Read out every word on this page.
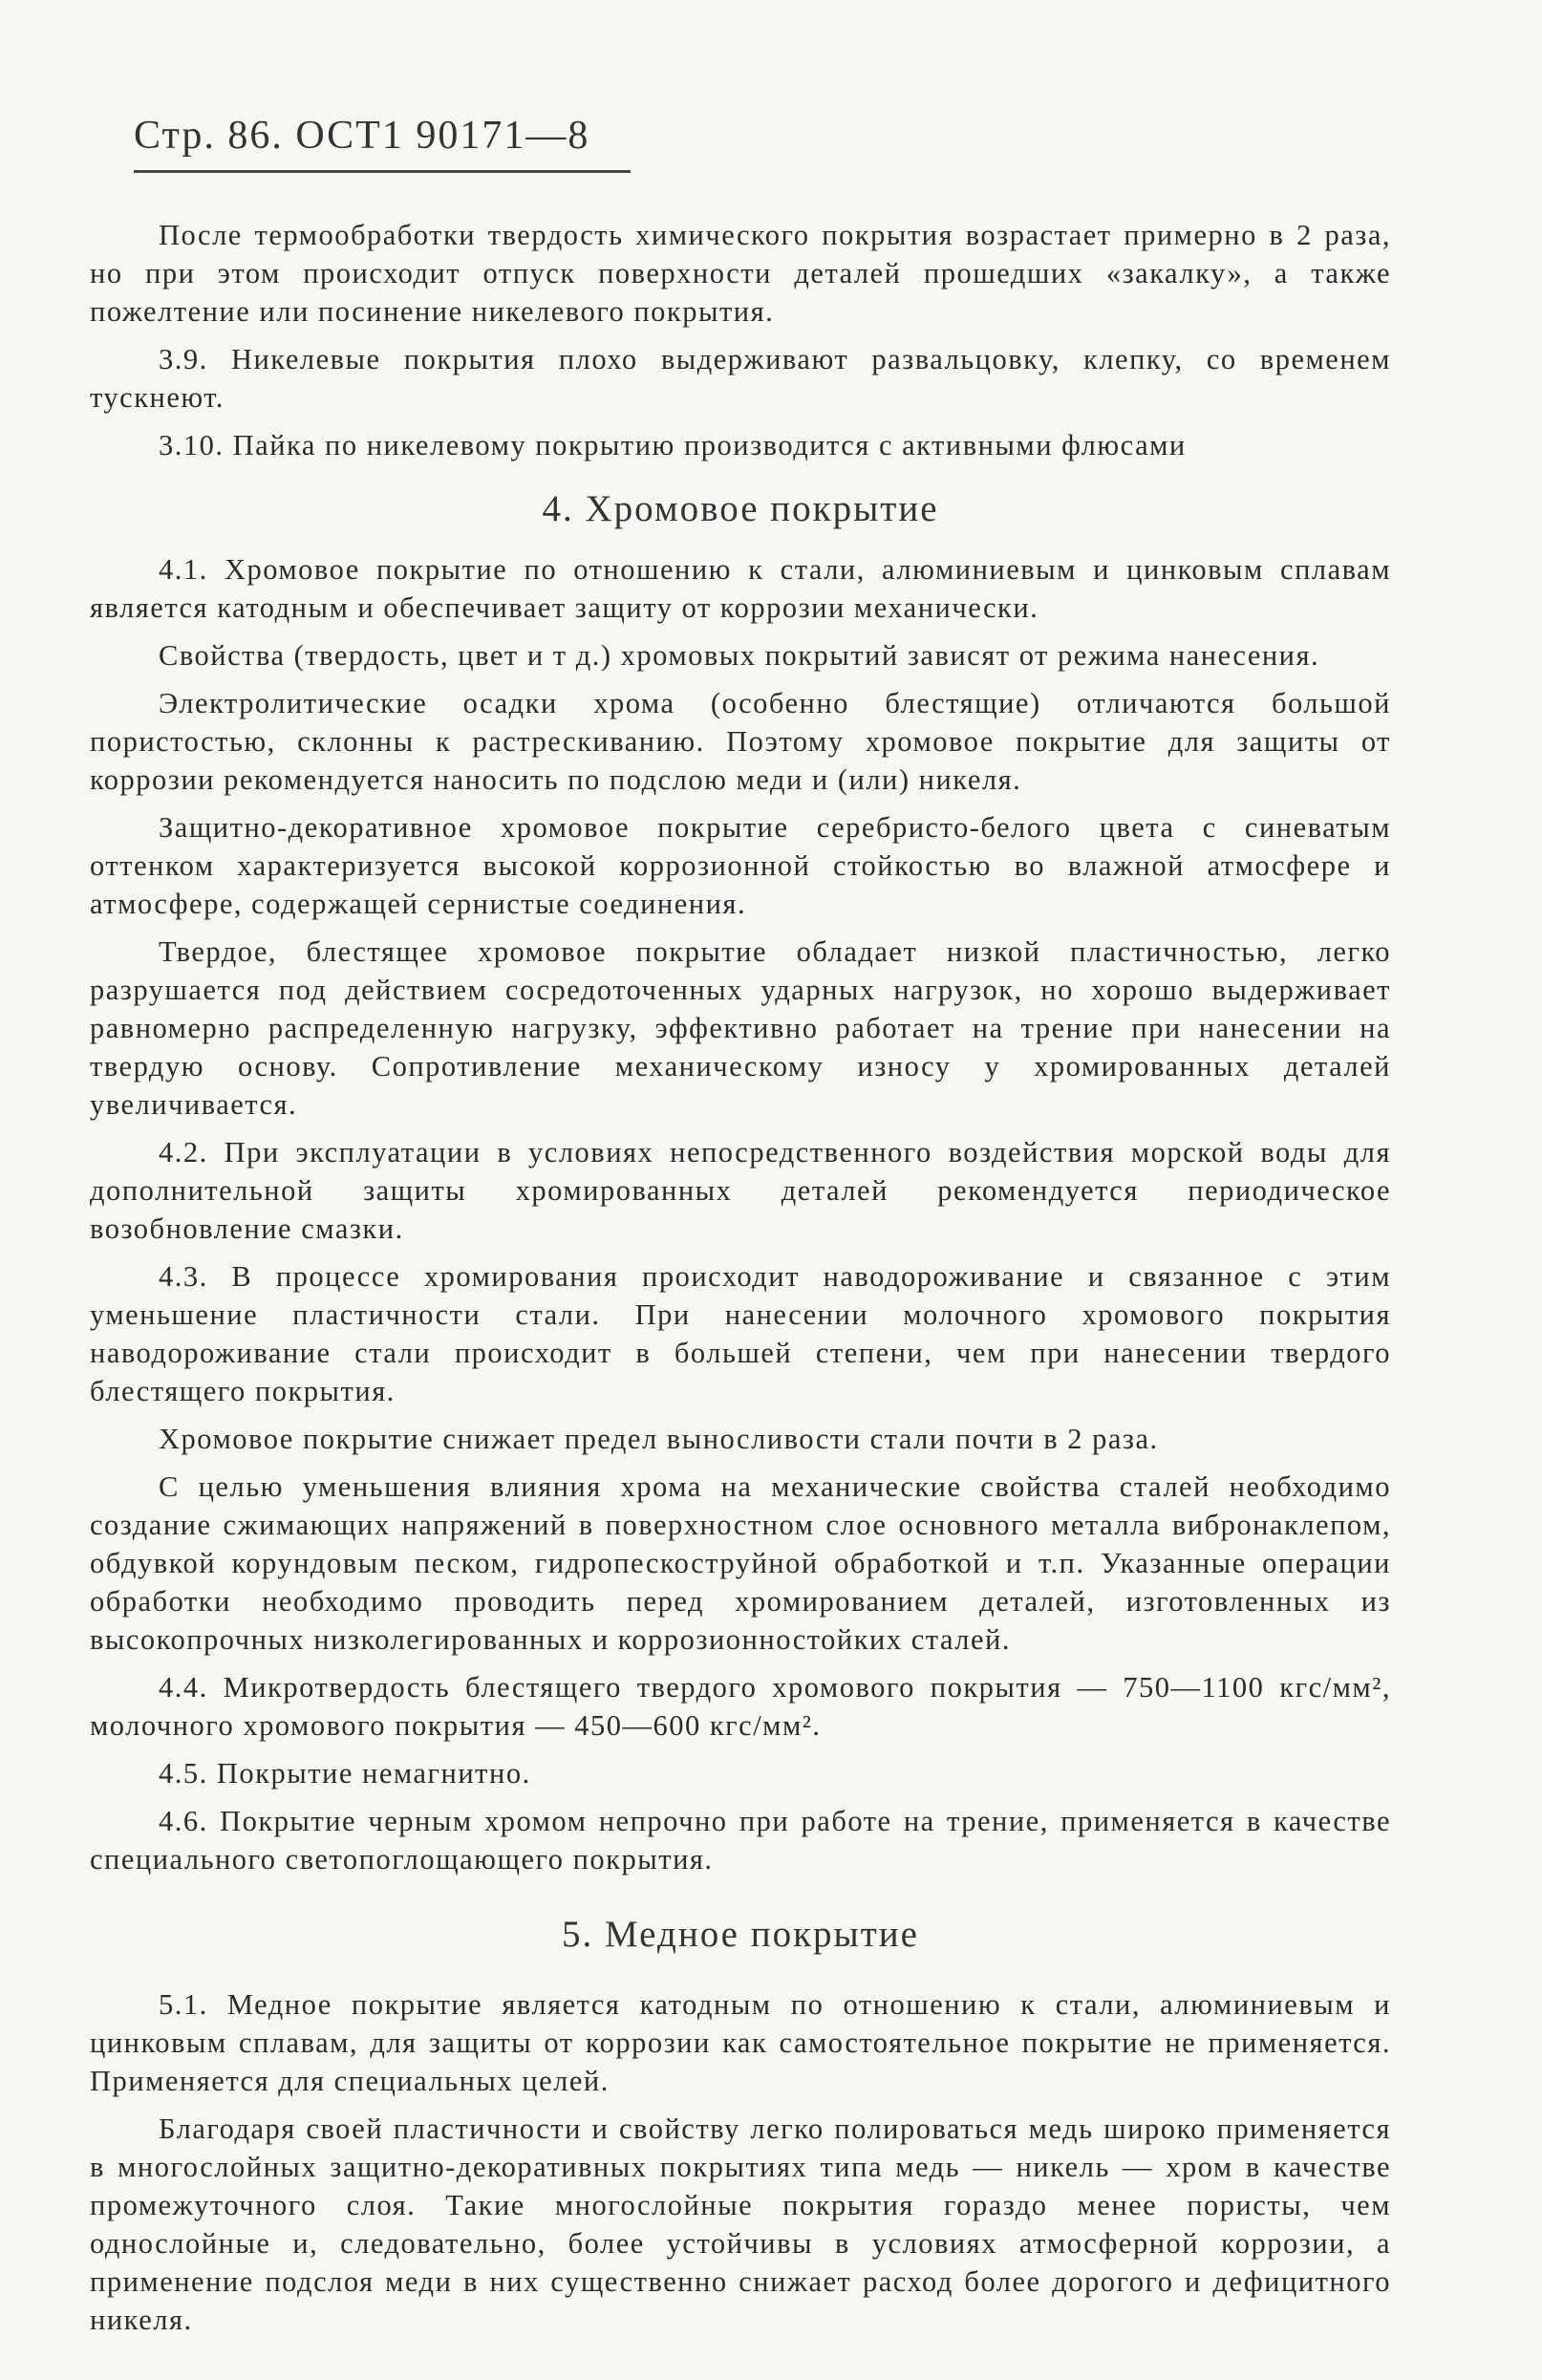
Стр. 86. ОСТ1 90171—8

После термообработки твердость химического покрытия возрастает примерно в 2 раза, но при этом происходит отпуск поверхности деталей прошедших «закалку», а также пожелтение или посинение никелевого покрытия.

3.9. Никелевые покрытия плохо выдерживают развальцовку, клепку, со временем тускнеют.

3.10. Пайка по никелевому покрытию производится с активными флюсами

4. Хромовое покрытие

4.1. Хромовое покрытие по отношению к стали, алюминиевым и цинковым сплавам является катодным и обеспечивает защиту от коррозии механически.

Свойства (твердость, цвет и т д.) хромовых покрытий зависят от режима нанесения.

Электролитические осадки хрома (особенно блестящие) отличаются большой пористостью, склонны к растрескиванию. Поэтому хромовое покрытие для защиты от коррозии рекомендуется наносить по подслою меди и (или) никеля.

Защитно-декоративное хромовое покрытие серебристо-белого цвета с синеватым оттенком характеризуется высокой коррозионной стойкостью во влажной атмосфере и атмосфере, содержащей сернистые соединения.

Твердое, блестящее хромовое покрытие обладает низкой пластичностью, легко разрушается под действием сосредоточенных ударных нагрузок, но хорошо выдерживает равномерно распределенную нагрузку, эффективно работает на трение при нанесении на твердую основу. Сопротивление механическому износу у хромированных деталей увеличивается.

4.2. При эксплуатации в условиях непосредственного воздействия морской воды для дополнительной защиты хромированных деталей рекомендуется периодическое возобновление смазки.

4.3. В процессе хромирования происходит наводороживание и связанное с этим уменьшение пластичности стали. При нанесении молочного хромового покрытия наводороживание стали происходит в большей степени, чем при нанесении твердого блестящего покрытия.

Хромовое покрытие снижает предел выносливости стали почти в 2 раза.

С целью уменьшения влияния хрома на механические свойства сталей необходимо создание сжимающих напряжений в поверхностном слое основного металла вибронаклепом, обдувкой корундовым песком, гидропескоструйной обработкой и т.п. Указанные операции обработки необходимо проводить перед хромированием деталей, изготовленных из высокопрочных низколегированных и коррозионностойких сталей.

4.4. Микротвердость блестящего твердого хромового покрытия — 750—1100 кгс/мм², молочного хромового покрытия — 450—600 кгс/мм².

4.5. Покрытие немагнитно.

4.6. Покрытие черным хромом непрочно при работе на трение, применяется в качестве специального светопоглощающего покрытия.

5. Медное покрытие

5.1. Медное покрытие является катодным по отношению к стали, алюминиевым и цинковым сплавам, для защиты от коррозии как самостоятельное покрытие не применяется. Применяется для специальных целей.

Благодаря своей пластичности и свойству легко полироваться медь широко применяется в многослойных защитно-декоративных покрытиях типа медь — никель — хром в качестве промежуточного слоя. Такие многослойные покрытия гораздо менее пористы, чем однослойные и, следовательно, более устойчивы в условиях атмосферной коррозии, а применение подслоя меди в них существенно снижает расход более дорогого и дефицитного никеля.
